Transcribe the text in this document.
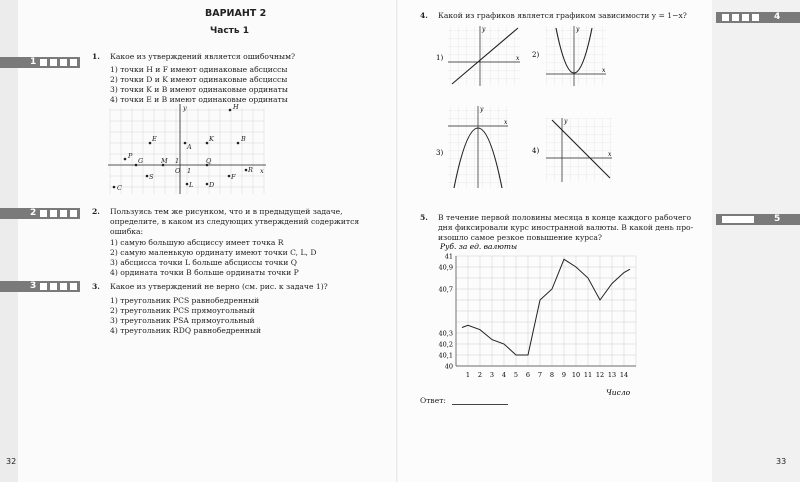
1
2
3
ВАРИАНТ 2
Часть 1
1. Какое из утверждений является ошибочным?
1) точки H и F имеют одинаковые абсциссы
2) точки D и K имеют одинаковые абсциссы
3) точки K и B имеют одинаковые ординаты
4) точки E и B имеют одинаковые ординаты
y
x
H
E
A
K	B
P
G	M 1	Q
R
O 1
S
C	L D
F
2. Пользуясь тем же рисунком, что и в предыдущей задаче,
определите, в каком из следующих утверждений содержится
ошибка:
1) самую большую абсциссу имеет точка R
2) самую маленькую ординату имеют точки C, L, D
3) абсцисса точки L больше абсциссы точки Q
4) ордината точки B больше ординаты точки P
3. Какое из утверждений не верно (см. рис. к задаче 1)?
1) треугольник PCS равнобедренный
2) треугольник PCS прямоугольный
3) треугольник PSA прямоугольный
4) треугольник RDQ равнобедренный
32
4
5
4. Какой из графиков является графиком зависимости y = 1−x?
1)	2)
3)	4)
y
x
y
x
y
x	y
x
5. В течение первой половины месяца в конце каждого рабочего
дня фиксировали курс иностранной валюты. В какой день про-
изошло самое резкое повышение курса?
40
40,1
40,2
40,3
40,7
40,9
41
1 2 3 4 5 6 7 8 9 10 11 12 13 14
Руб. за ед. валюты
Число
Ответ:
33
